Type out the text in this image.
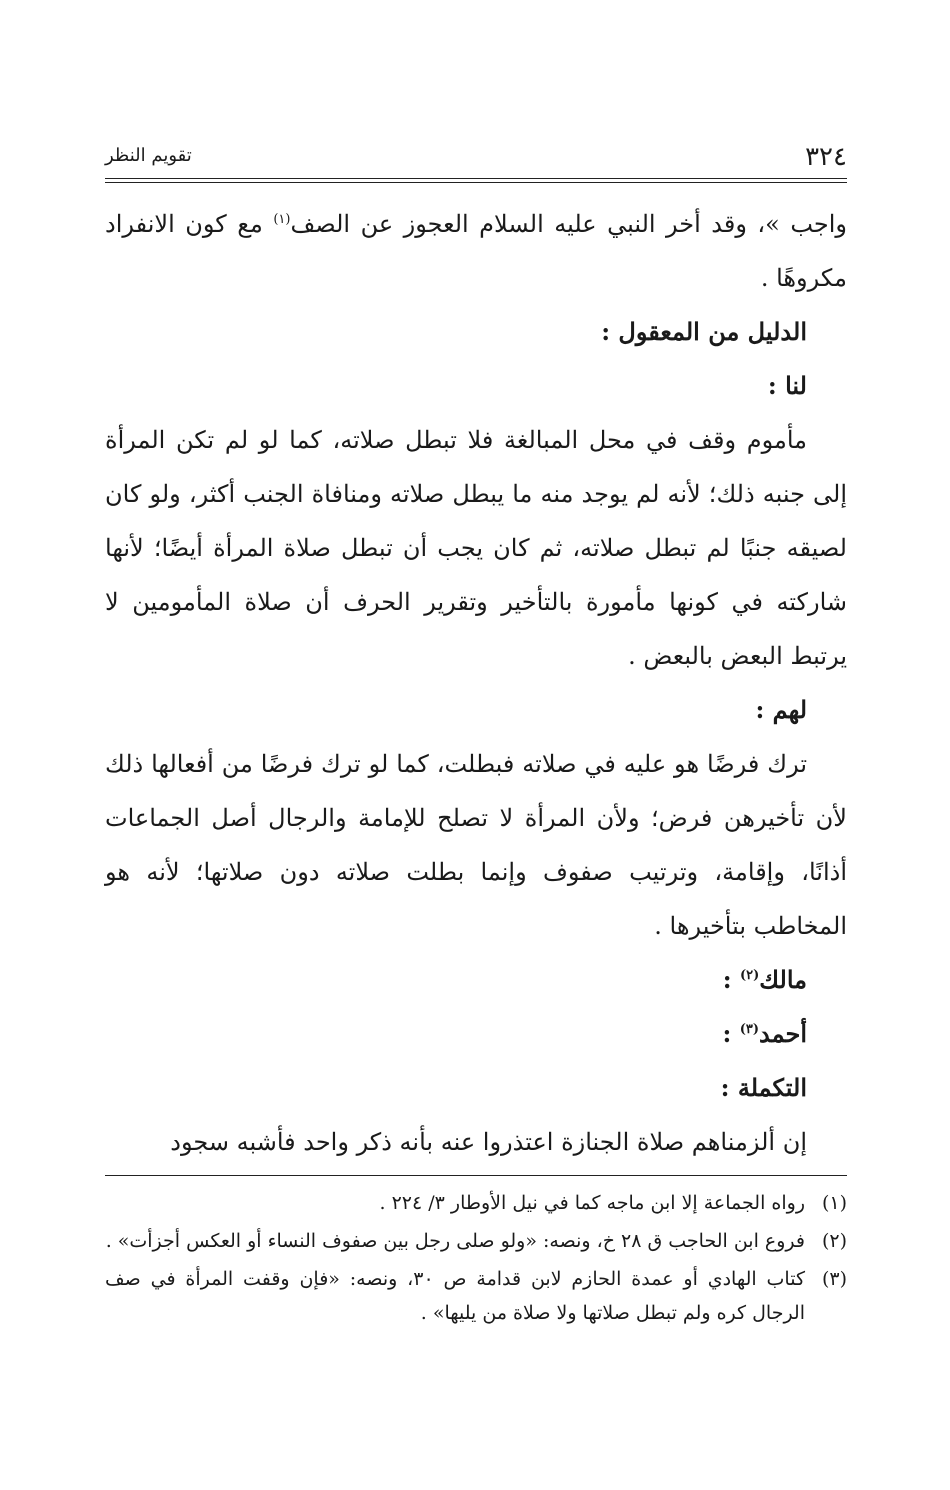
٣٢٤
تقويم النظر

واجب »، وقد أخر النبي عليه السلام العجوز عن الصف$^{(١)}$ مع كون الانفراد مكروهًا .

الدليل من المعقول :

لنا :

مأموم وقف في محل المبالغة فلا تبطل صلاته، كما لو لم تكن المرأة إلى جنبه ذلك؛ لأنه لم يوجد منه ما يبطل صلاته ومنافاة الجنب أكثر، ولو كان لصيقه جنبًا لم تبطل صلاته، ثم كان يجب أن تبطل صلاة المرأة أيضًا؛ لأنها شاركته في كونها مأمورة بالتأخير وتقرير الحرف أن صلاة المأمومين لا يرتبط البعض بالبعض .

لهم :

ترك فرضًا هو عليه في صلاته فبطلت، كما لو ترك فرضًا من أفعالها ذلك لأن تأخيرهن فرض؛ ولأن المرأة لا تصلح للإمامة والرجال أصل الجماعات أذانًا، وإقامة، وترتيب صفوف وإنما بطلت صلاته دون صلاتها؛ لأنه هو المخاطب بتأخيرها .

مالك$^{(٢)}$ :

أحمد$^{(٣)}$ :

التكملة :

إن ألزمناهم صلاة الجنازة اعتذروا عنه بأنه ذكر واحد فأشبه سجود

(١)
رواه الجماعة إلا ابن ماجه كما في نيل الأوطار ٣/ ٢٢٤ .
(٢)
فروع ابن الحاجب ق ٢٨ خ، ونصه: «ولو صلى رجل بين صفوف النساء أو العكس أجزأت» .
(٣)
كتاب الهادي أو عمدة الحازم لابن قدامة ص ٣٠، ونصه: «فإن وقفت المرأة في صف الرجال كره ولم تبطل صلاتها ولا صلاة من يليها» .
